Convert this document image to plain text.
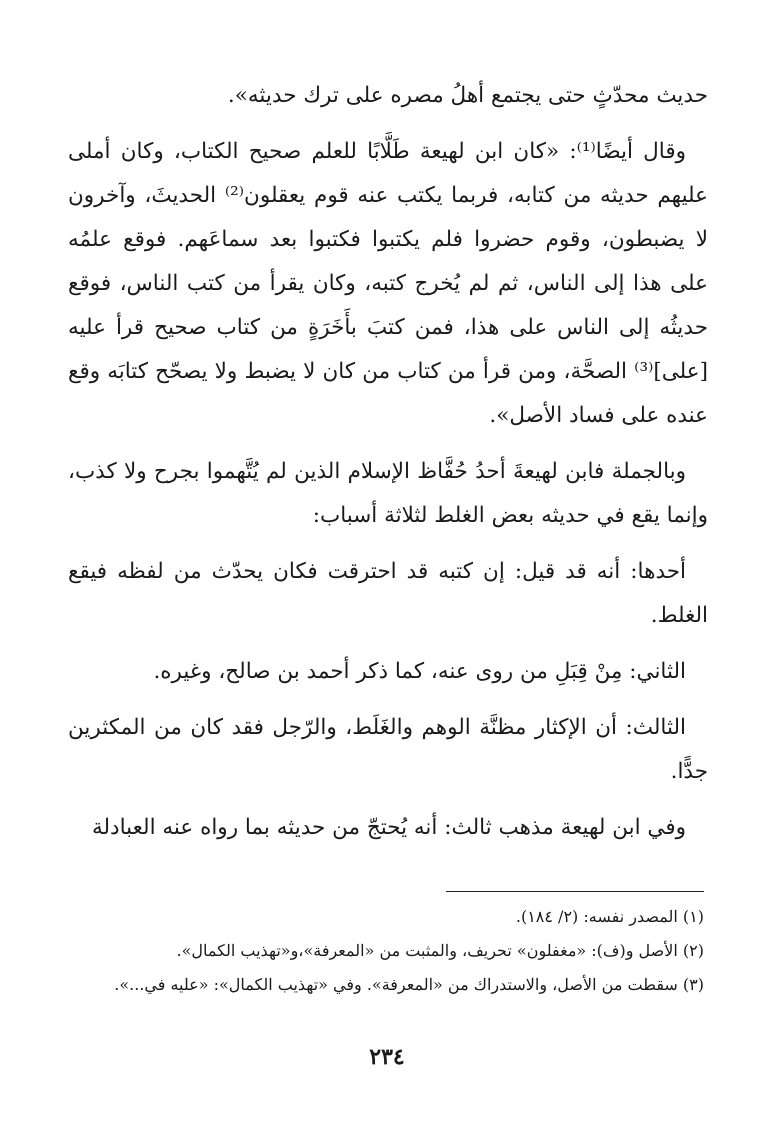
حديث محدّثٍ حتى يجتمع أهلُ مصره على ترك حديثه».

وقال أيضًا⁽¹⁾: «كان ابن لهيعة طَلَّابًا للعلم صحيح الكتاب، وكان أملى عليهم حديثه من كتابه، فربما يكتب عنه قوم يعقلون⁽²⁾ الحديثَ، وآخرون لا يضبطون، وقوم حضروا فلم يكتبوا فكتبوا بعد سماعَهم. فوقع علمُه على هذا إلى الناس، ثم لم يُخرج كتبه، وكان يقرأ من كتب الناس، فوقع حديثُه إلى الناس على هذا، فمن كتبَ بأَخَرَةٍ من كتاب صحيح قرأ عليه [على]⁽³⁾ الصحَّة، ومن قرأ من كتاب من كان لا يضبط ولا يصحّح كتابَه وقع عنده على فساد الأصل».

وبالجملة فابن لهيعةَ أحدُ حُفَّاظ الإسلام الذين لم يُتَّهموا بجرح ولا كذب، وإنما يقع في حديثه بعض الغلط لثلاثة أسباب:

أحدها: أنه قد قيل: إن كتبه قد احترقت فكان يحدّث من لفظه فيقع الغلط.

الثاني: مِنْ قِبَلِ من روى عنه، كما ذكر أحمد بن صالح، وغيره.

الثالث: أن الإكثار مظنَّة الوهم والغَلَط، والرّجل فقد كان من المكثرين جدًّا.

وفي ابن لهيعة مذهب ثالث: أنه يُحتجّ من حديثه بما رواه عنه العبادلة

(١) المصدر نفسه: (٢/ ١٨٤).

(٢) الأصل و(ف): «مغفلون» تحريف، والمثبت من «المعرفة»،و«تهذيب الكمال».

(٣) سقطت من الأصل، والاستدراك من «المعرفة». وفي «تهذيب الكمال»: «عليه في...».

٢٣٤
